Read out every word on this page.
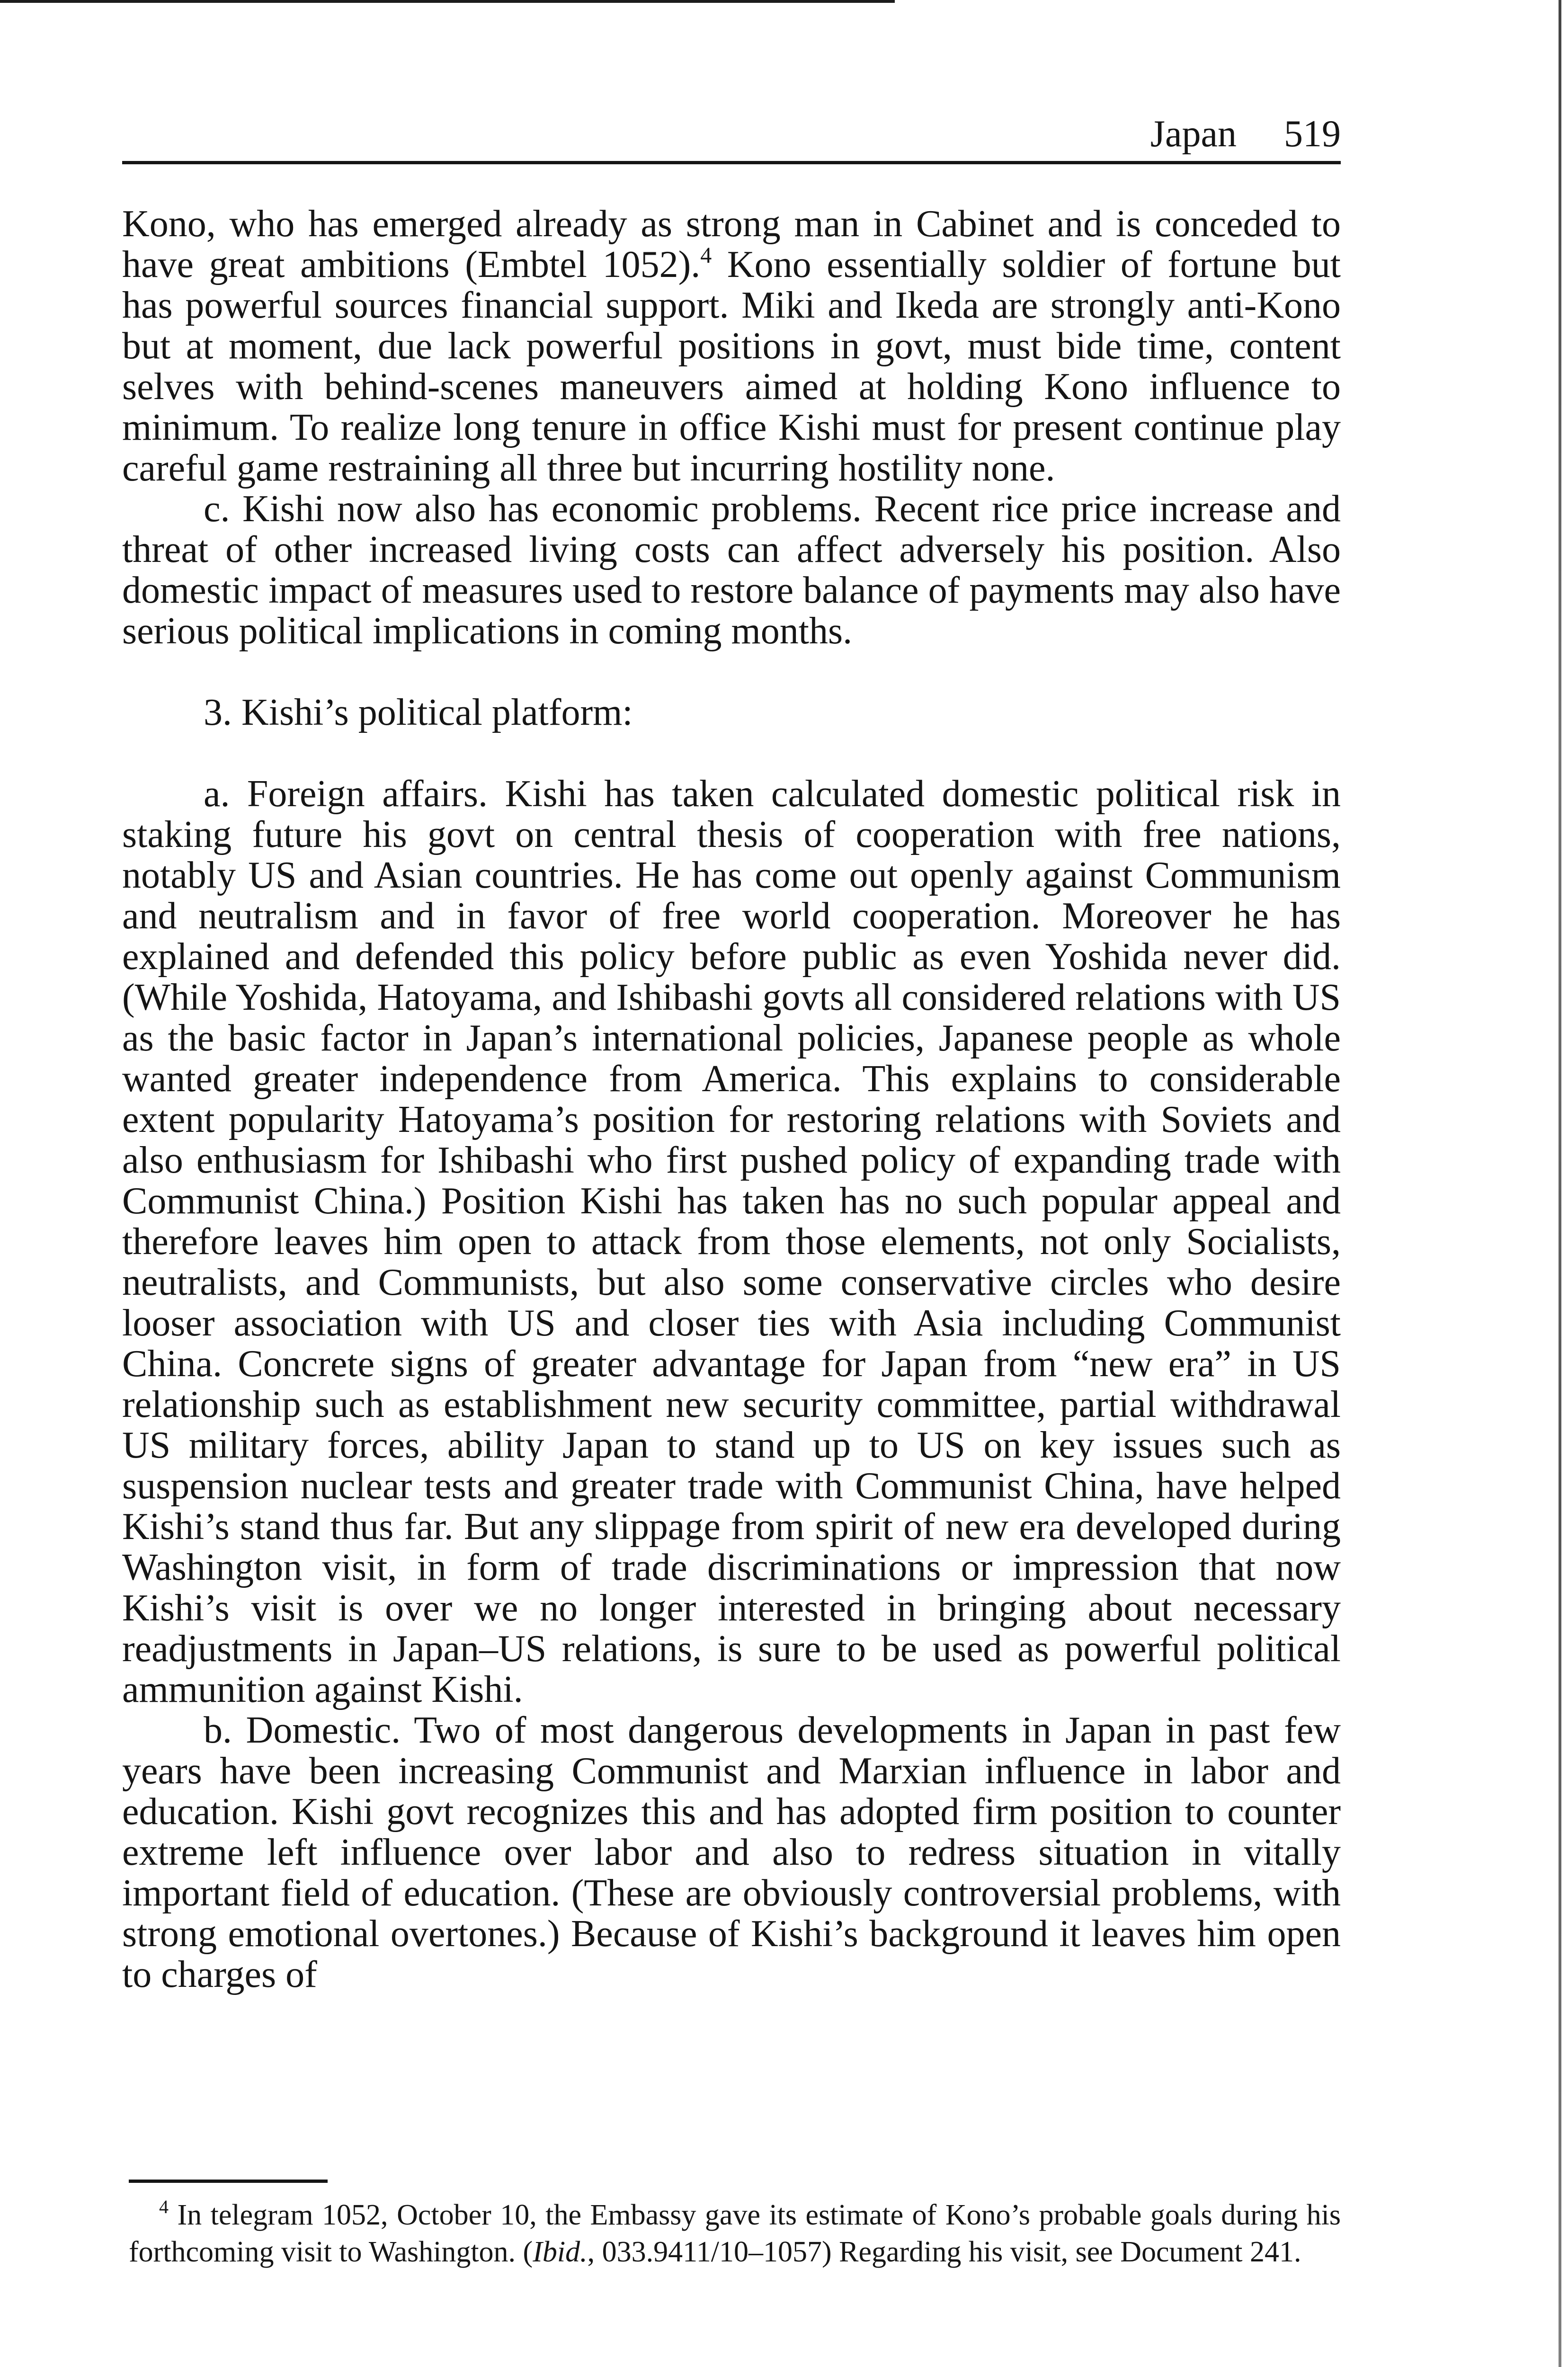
Japan 519

Kono, who has emerged already as strong man in Cabinet and is conceded to have great ambitions (Embtel 1052).$^4$ Kono essentially soldier of fortune but has powerful sources financial support. Miki and Ikeda are strongly anti-Kono but at moment, due lack powerful positions in govt, must bide time, content selves with behind-scenes maneuvers aimed at holding Kono influence to minimum. To realize long tenure in office Kishi must for present continue play careful game restraining all three but incurring hostility none.

c. Kishi now also has economic problems. Recent rice price increase and threat of other increased living costs can affect adversely his position. Also domestic impact of measures used to restore balance of payments may also have serious political implications in coming months.

3. Kishi’s political platform:

a. Foreign affairs. Kishi has taken calculated domestic political risk in staking future his govt on central thesis of cooperation with free nations, notably US and Asian countries. He has come out openly against Communism and neutralism and in favor of free world cooperation. Moreover he has explained and defended this policy before public as even Yoshida never did. (While Yoshida, Hatoyama, and Ishibashi govts all considered relations with US as the basic factor in Japan’s international policies, Japanese people as whole wanted greater independence from America. This explains to considerable extent popularity Hatoyama’s position for restoring relations with Soviets and also enthusiasm for Ishibashi who first pushed policy of expanding trade with Communist China.) Position Kishi has taken has no such popular appeal and therefore leaves him open to attack from those elements, not only Socialists, neutralists, and Communists, but also some conservative circles who desire looser association with US and closer ties with Asia including Communist China. Concrete signs of greater advantage for Japan from “new era” in US relationship such as establishment new security committee, partial withdrawal US military forces, ability Japan to stand up to US on key issues such as suspension nuclear tests and greater trade with Communist China, have helped Kishi’s stand thus far. But any slippage from spirit of new era developed during Washington visit, in form of trade discriminations or impression that now Kishi’s visit is over we no longer interested in bringing about necessary readjustments in Japan–US relations, is sure to be used as powerful political ammunition against Kishi.

b. Domestic. Two of most dangerous developments in Japan in past few years have been increasing Communist and Marxian influence in labor and education. Kishi govt recognizes this and has adopted firm position to counter extreme left influence over labor and also to redress situation in vitally important field of education. (These are obviously controversial problems, with strong emotional overtones.) Because of Kishi’s background it leaves him open to charges of

$^4$ In telegram 1052, October 10, the Embassy gave its estimate of Kono’s probable goals during his forthcoming visit to Washington. (Ibid., 033.9411/10–1057) Regarding his visit, see Document 241.
